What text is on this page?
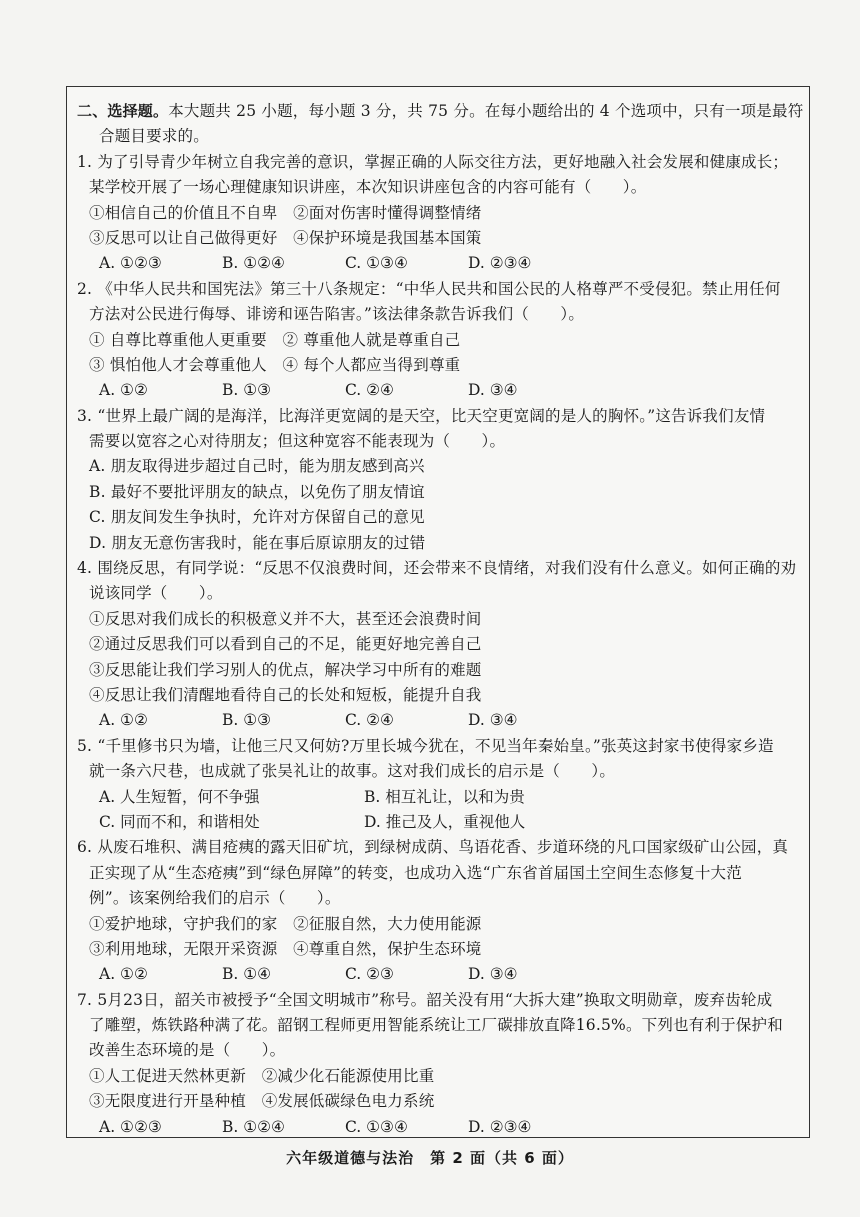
二、选择题。本大题共 25 小题，每小题 3 分，共 75 分。在每小题给出的 4 个选项中，只有一项是最符
合题目要求的。
1. 为了引导青少年树立自我完善的意识，掌握正确的人际交往方法，更好地融入社会发展和健康成长；
某学校开展了一场心理健康知识讲座，本次知识讲座包含的内容可能有（　　）。
①相信自己的价值且不自卑　②面对伤害时懂得调整情绪
③反思可以让自己做得更好　④保护环境是我国基本国策
A. ①②③	B. ①②④	C. ①③④	D. ②③④
2. 《中华人民共和国宪法》第三十八条规定：“中华人民共和国公民的人格尊严不受侵犯。禁止用任何
方法对公民进行侮辱、诽谤和诬告陷害。”该法律条款告诉我们（　　）。
① 自尊比尊重他人更重要　② 尊重他人就是尊重自己
③ 惧怕他人才会尊重他人　④ 每个人都应当得到尊重
A. ①②	B. ①③	C. ②④	D. ③④
3. “世界上最广阔的是海洋，比海洋更宽阔的是天空，比天空更宽阔的是人的胸怀。”这告诉我们友情
需要以宽容之心对待朋友；但这种宽容不能表现为（　　）。
A. 朋友取得进步超过自己时，能为朋友感到高兴
B. 最好不要批评朋友的缺点，以免伤了朋友情谊
C. 朋友间发生争执时，允许对方保留自己的意见
D. 朋友无意伤害我时，能在事后原谅朋友的过错
4. 围绕反思，有同学说：“反思不仅浪费时间，还会带来不良情绪，对我们没有什么意义。如何正确的劝
说该同学（　　）。
①反思对我们成长的积极意义并不大，甚至还会浪费时间
②通过反思我们可以看到自己的不足，能更好地完善自己
③反思能让我们学习别人的优点，解决学习中所有的难题
④反思让我们清醒地看待自己的长处和短板，能提升自我
A. ①②	B. ①③	C. ②④	D. ③④
5. “千里修书只为墙，让他三尺又何妨?万里长城今犹在，不见当年秦始皇。”张英这封家书使得家乡造
就一条六尺巷，也成就了张吴礼让的故事。这对我们成长的启示是（　　）。
A. 人生短暂，何不争强	B. 相互礼让，以和为贵
C. 同而不和，和谐相处	D. 推己及人，重视他人
6. 从废石堆积、满目疮痍的露天旧矿坑，到绿树成荫、鸟语花香、步道环绕的凡口国家级矿山公园，真
正实现了从“生态疮痍”到“绿色屏障”的转变，也成功入选“广东省首届国土空间生态修复十大范
例”。该案例给我们的启示（　　）。
①爱护地球，守护我们的家　②征服自然，大力使用能源
③利用地球，无限开采资源　④尊重自然，保护生态环境
A. ①②	B. ①④	C. ②③	D. ③④
7. 5月23日，韶关市被授予“全国文明城市”称号。韶关没有用“大拆大建”换取文明勋章，废弃齿轮成
了雕塑，炼铁路种满了花。韶钢工程师更用智能系统让工厂碳排放直降16.5%。下列也有利于保护和
改善生态环境的是（　　）。
①人工促进天然林更新　②减少化石能源使用比重
③无限度进行开垦种植　④发展低碳绿色电力系统
A. ①②③	B. ①②④	C. ①③④	D. ②③④
六年级道德与法治　第 2 面（共 6 面）
